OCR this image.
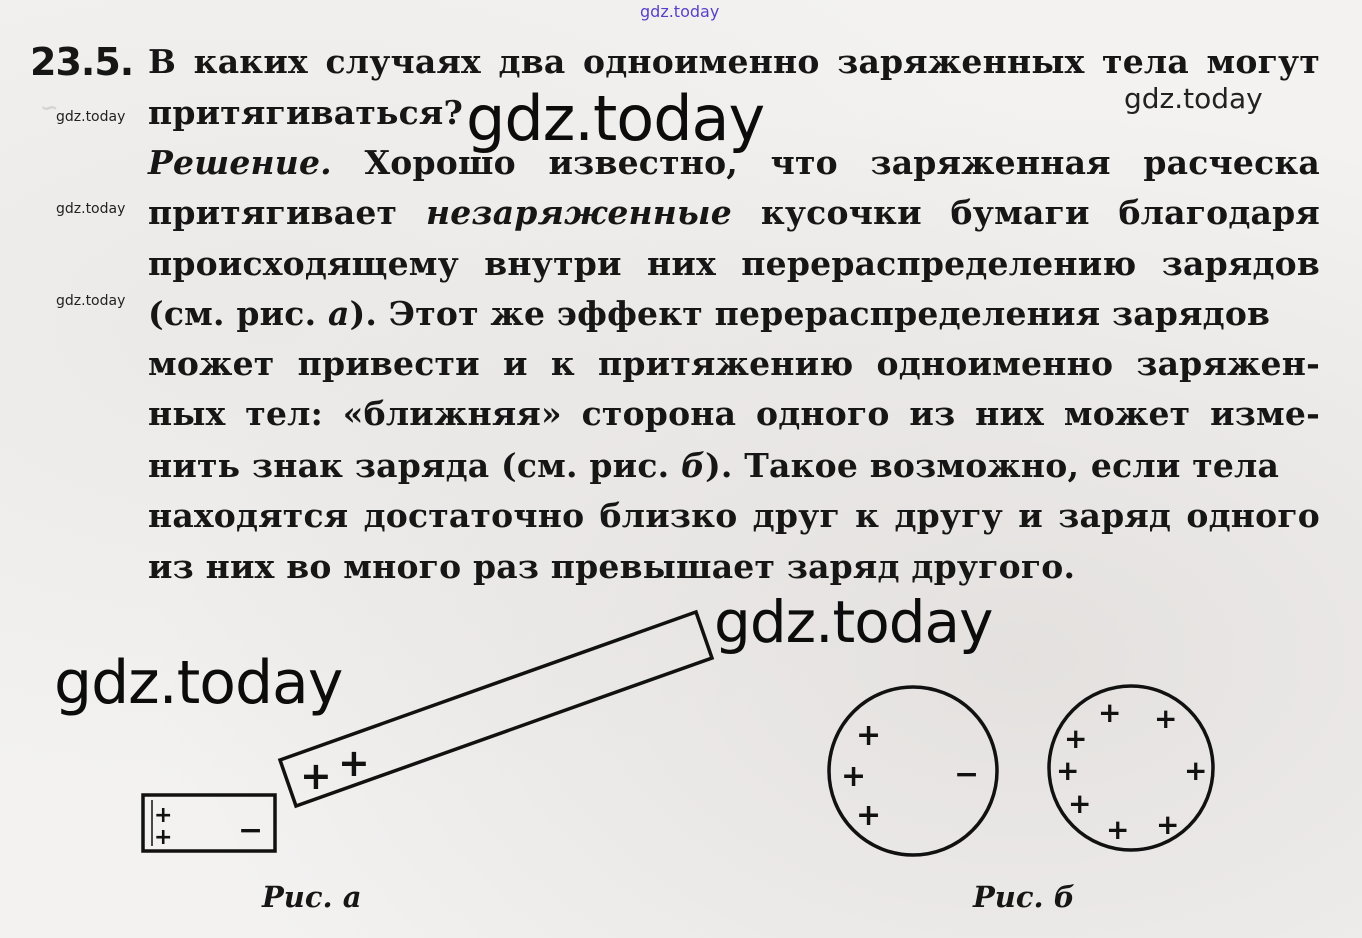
~
gdz.today
23.5. В каких случаях два одноименно заряженных тела могут
притягиваться?
Решение. Хорошо известно, что заряженная расческа
притягивает незаряженные кусочки бумаги благодаря
происходящему внутри них перераспределению зарядов
(см. рис. а). Этот же эффект перераспределения зарядов
может привести и к притяжению одноименно заряжен-
ных тел: «ближняя» сторона одного из них может изме-
нить знак заряда (см. рис. б). Такое возможно, если тела
находятся достаточно близко друг к другу и заряд одного
из них во много раз превышает заряд другого.
gdz.today
gdz.today
gdz.today
gdz.today
gdz.today
gdz.today
gdz.today
+ +
+
+ −
+
+
+
−
+ +
+
+	+
+
+ +
Рис. а	Рис. б
